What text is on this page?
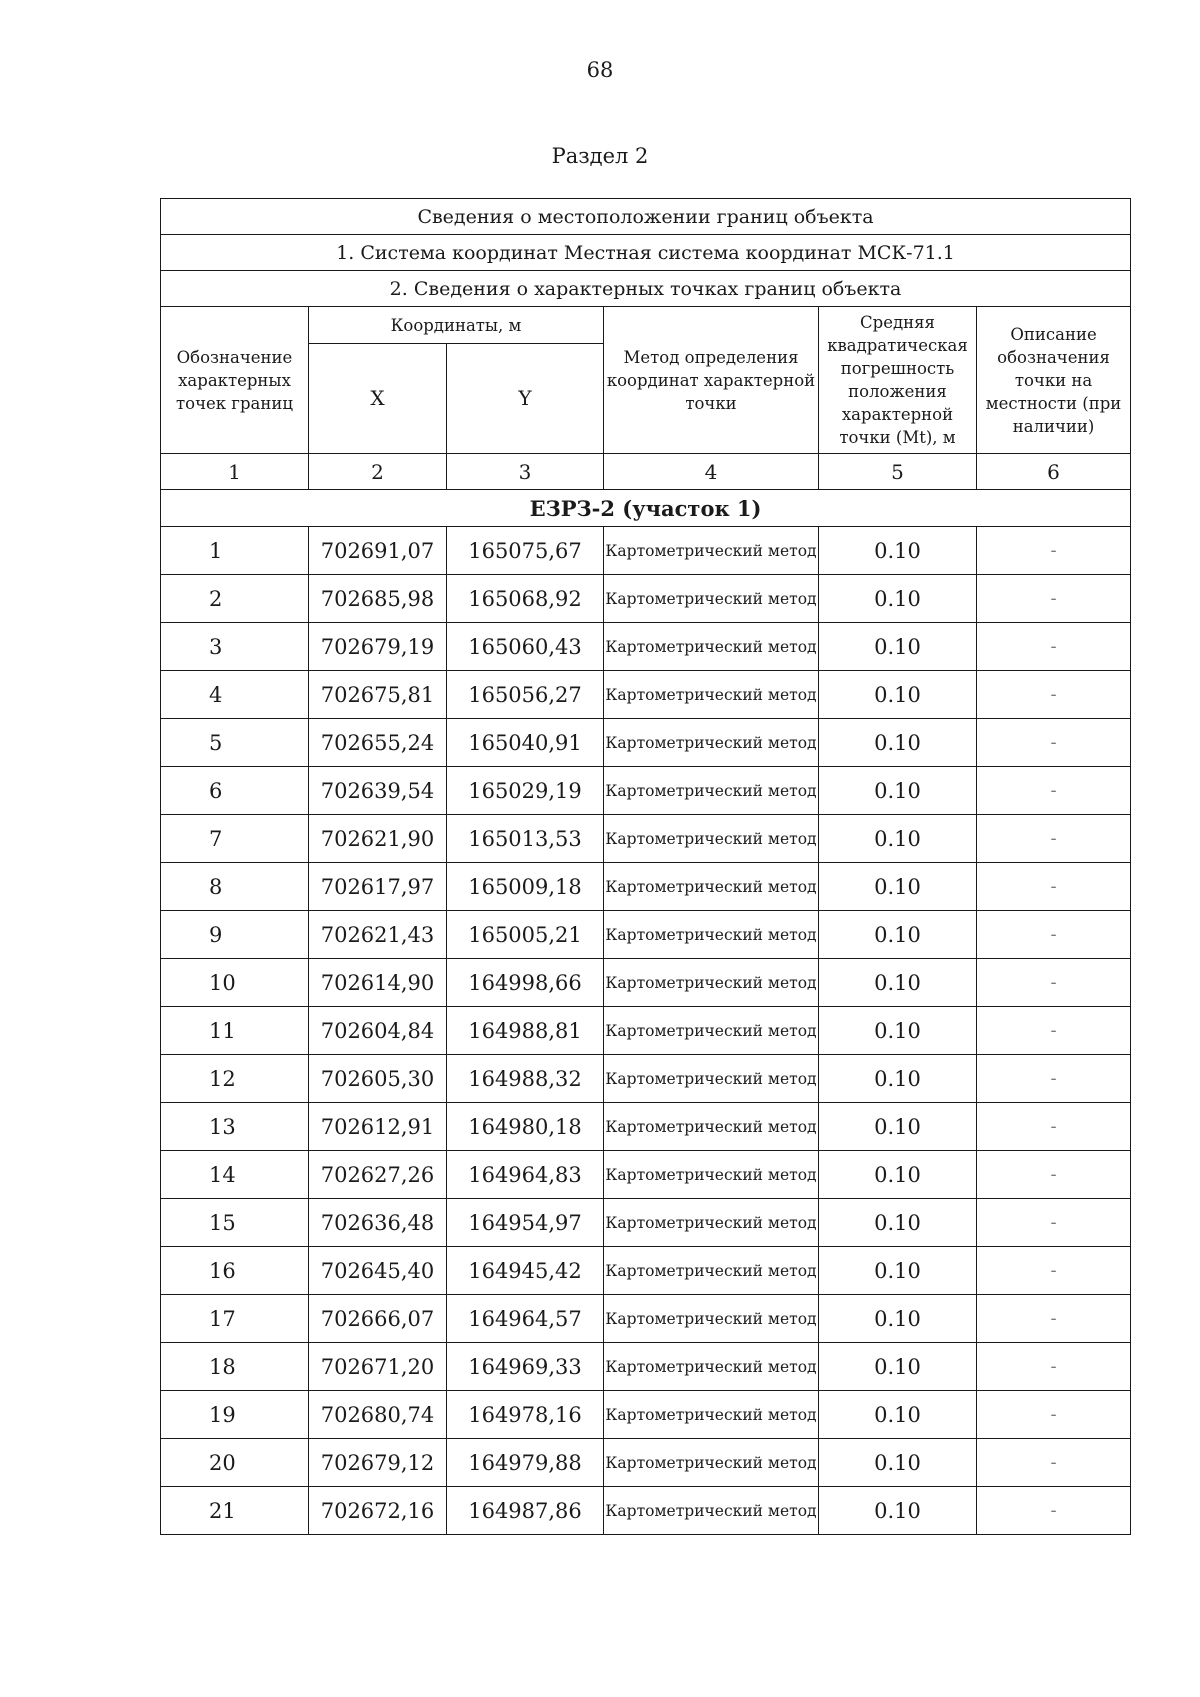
68
Раздел 2
Сведения о местоположении границ объекта					
1. Система координат Местная система координат МСК-71.1					
2. Сведения о характерных точках границ объекта					
Обозначение характерных точек границ	Координаты, м		Метод определения координат характерной точки	Средняя квадратическая погрешность положения характерной точки (Mt), м	Описание обозначения точки на местности (при наличии)
	X	Y			
1	2	3	4	5	6
ЕЗРЗ-2 (участок 1)					
1	702691,07	165075,67	Картометрический метод	0.10	-
2	702685,98	165068,92	Картометрический метод	0.10	-
3	702679,19	165060,43	Картометрический метод	0.10	-
4	702675,81	165056,27	Картометрический метод	0.10	-
5	702655,24	165040,91	Картометрический метод	0.10	-
6	702639,54	165029,19	Картометрический метод	0.10	-
7	702621,90	165013,53	Картометрический метод	0.10	-
8	702617,97	165009,18	Картометрический метод	0.10	-
9	702621,43	165005,21	Картометрический метод	0.10	-
10	702614,90	164998,66	Картометрический метод	0.10	-
11	702604,84	164988,81	Картометрический метод	0.10	-
12	702605,30	164988,32	Картометрический метод	0.10	-
13	702612,91	164980,18	Картометрический метод	0.10	-
14	702627,26	164964,83	Картометрический метод	0.10	-
15	702636,48	164954,97	Картометрический метод	0.10	-
16	702645,40	164945,42	Картометрический метод	0.10	-
17	702666,07	164964,57	Картометрический метод	0.10	-
18	702671,20	164969,33	Картометрический метод	0.10	-
19	702680,74	164978,16	Картометрический метод	0.10	-
20	702679,12	164979,88	Картометрический метод	0.10	-
21	702672,16	164987,86	Картометрический метод	0.10	-
